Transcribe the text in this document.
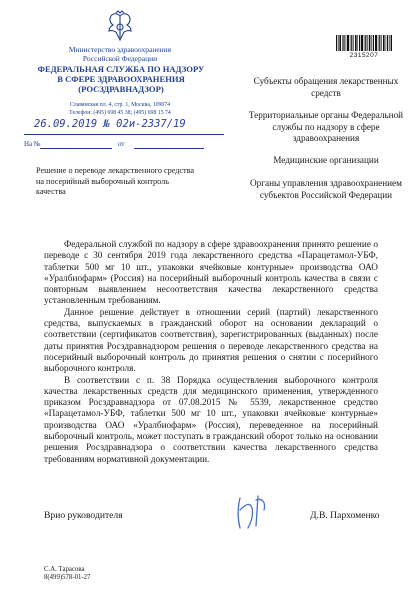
Министерство здравоохранения
Российской Федерации
ФЕДЕРАЛЬНАЯ СЛУЖБА ПО НАДЗОРУ
В СФЕРЕ ЗДРАВООХРАНЕНИЯ
(РОСЗДРАВНАДЗОР)
Славянская пл. 4, стр. 1, Москва, 109074
Телефон: (495) 698 45 38; (495) 698 15 74
26.09.2019 № 02и-2337/19
На №	от
Решение о переводе лекарственного средства на посерийный выборочный контроль качества
2315207
Субъекты обращения лекарственных средств
Территориальные органы Федеральной службы по надзору в сфере здравоохранения
Медицинские организации
Органы управления здравоохранением субъектов Российской Федерации

Федеральной службой по надзору в сфере здравоохранения принято решение о переводе с 30 сентября 2019 года лекарственного средства «Парацетамол-УБФ, таблетки 500 мг 10 шт., упаковки ячейковые контурные» производства ОАО «Уралбиофарм» (Россия) на посерийный выборочный контроль качества в связи с повторным выявлением несоответствия качества лекарственного средства установленным требованиям.

Данное решение действует в отношении серий (партий) лекарственного средства, выпускаемых в гражданский оборот на основании деклараций о соответствии (сертификатов соответствия), зарегистрированных (выданных) после даты принятия Росздравнадзором решения о переводе лекарственного средства на посерийный выборочный контроль до принятия решения о снятии с посерийного выборочного контроля.

В соответствии с п. 38 Порядка осуществления выборочного контроля качества лекарственных средств для медицинского применения, утвержденного приказом Росздравнадзора от 07.08.2015 № 5539, лекарственное средство «Парацетамол-УБФ, таблетки 500 мг 10 шт., упаковки ячейковые контурные» производства ОАО «Уралбиофарм» (Россия), переведенное на посерийный выборочный контроль, может поступать в гражданский оборот только на основании решения Росздравнадзора о соответствии качества лекарственного средства требованиям нормативной документации.

Врио руководителя	Д.В. Пархоменко
С.А. Тарасова
8(499)578-01-27
